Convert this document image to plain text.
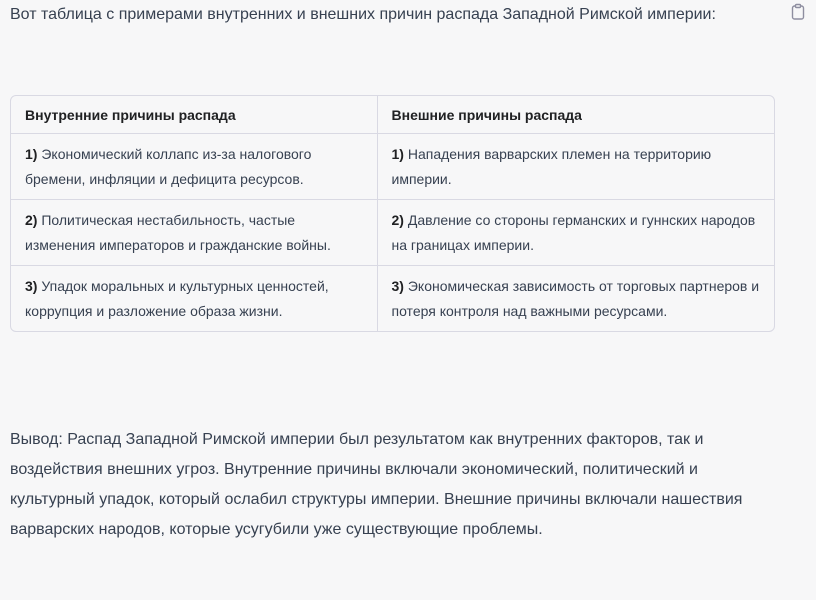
Вот таблица с примерами внутренних и внешних причин распада Западной Римской империи:
Внутренние причины распада	Внешние причины распада
1) Экономический коллапс из-за налогового бремени, инфляции и дефицита ресурсов.	1) Нападения варварских племен на территорию империи.
2) Политическая нестабильность, частые изменения императоров и гражданские войны.	2) Давление со стороны германских и гуннских народов на границах империи.
3) Упадок моральных и культурных ценностей, коррупция и разложение образа жизни.	3) Экономическая зависимость от торговых партнеров и потеря контроля над важными ресурсами.
Вывод: Распад Западной Римской империи был результатом как внутренних факторов, так и воздействия внешних угроз. Внутренние причины включали экономический, политический и культурный упадок, который ослабил структуры империи. Внешние причины включали нашествия варварских народов, которые усугубили уже существующие проблемы.
